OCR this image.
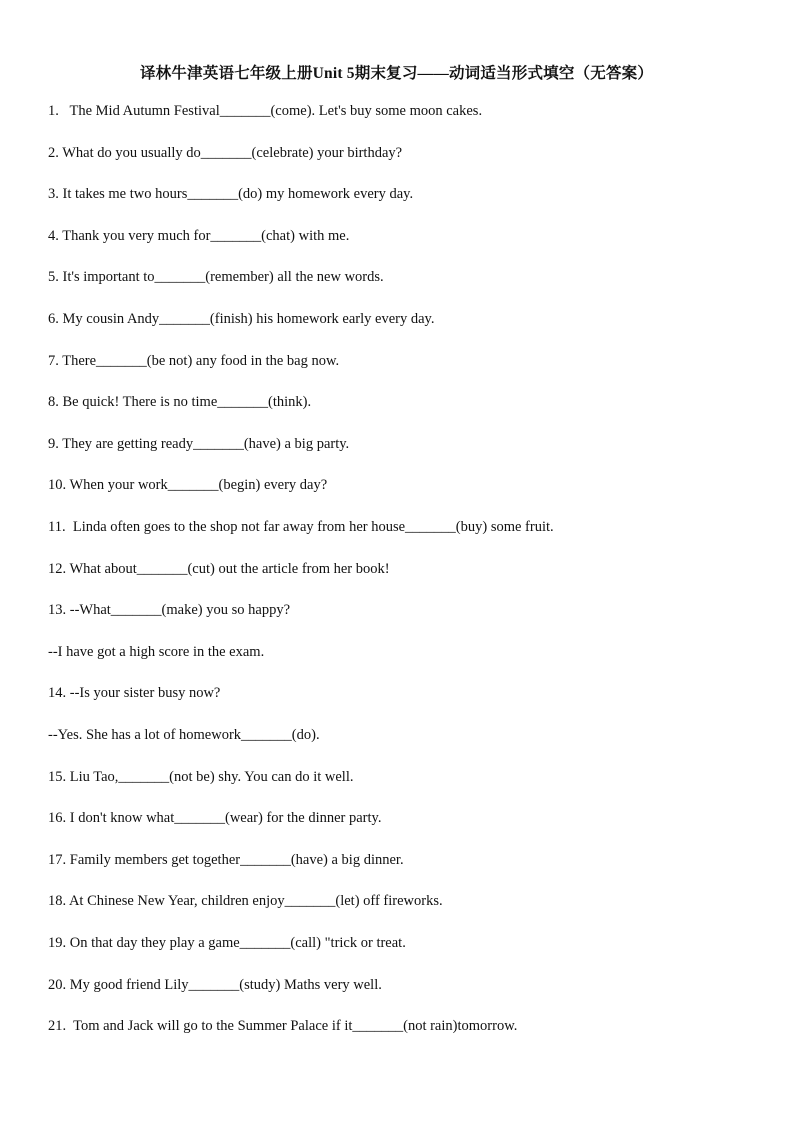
译林牛津英语七年级上册Unit 5期末复习——动词适当形式填空（无答案）
1.   The Mid Autumn Festival_______(come). Let's buy some moon cakes.
2. What do you usually do_______(celebrate) your birthday?
3. It takes me two hours_______(do) my homework every day.
4. Thank you very much for_______(chat) with me.
5. It's important to_______(remember) all the new words.
6. My cousin Andy_______(finish) his homework early every day.
7. There_______(be not) any food in the bag now.
8. Be quick! There is no time_______(think).
9. They are getting ready_______(have) a big party.
10. When your work_______(begin) every day?
11.  Linda often goes to the shop not far away from her house_______(buy) some fruit.
12. What about_______(cut) out the article from her book!
13. --What_______(make) you so happy?
--I have got a high score in the exam.
14. --Is your sister busy now?
--Yes. She has a lot of homework_______(do).
15. Liu Tao,_______(not be) shy. You can do it well.
16. I don't know what_______(wear) for the dinner party.
17. Family members get together_______(have) a big dinner.
18. At Chinese New Year, children enjoy_______(let) off fireworks.
19. On that day they play a game_______(call) "trick or treat.
20. My good friend Lily_______(study) Maths very well.
21.  Tom and Jack will go to the Summer Palace if it_______(not rain)tomorrow.
